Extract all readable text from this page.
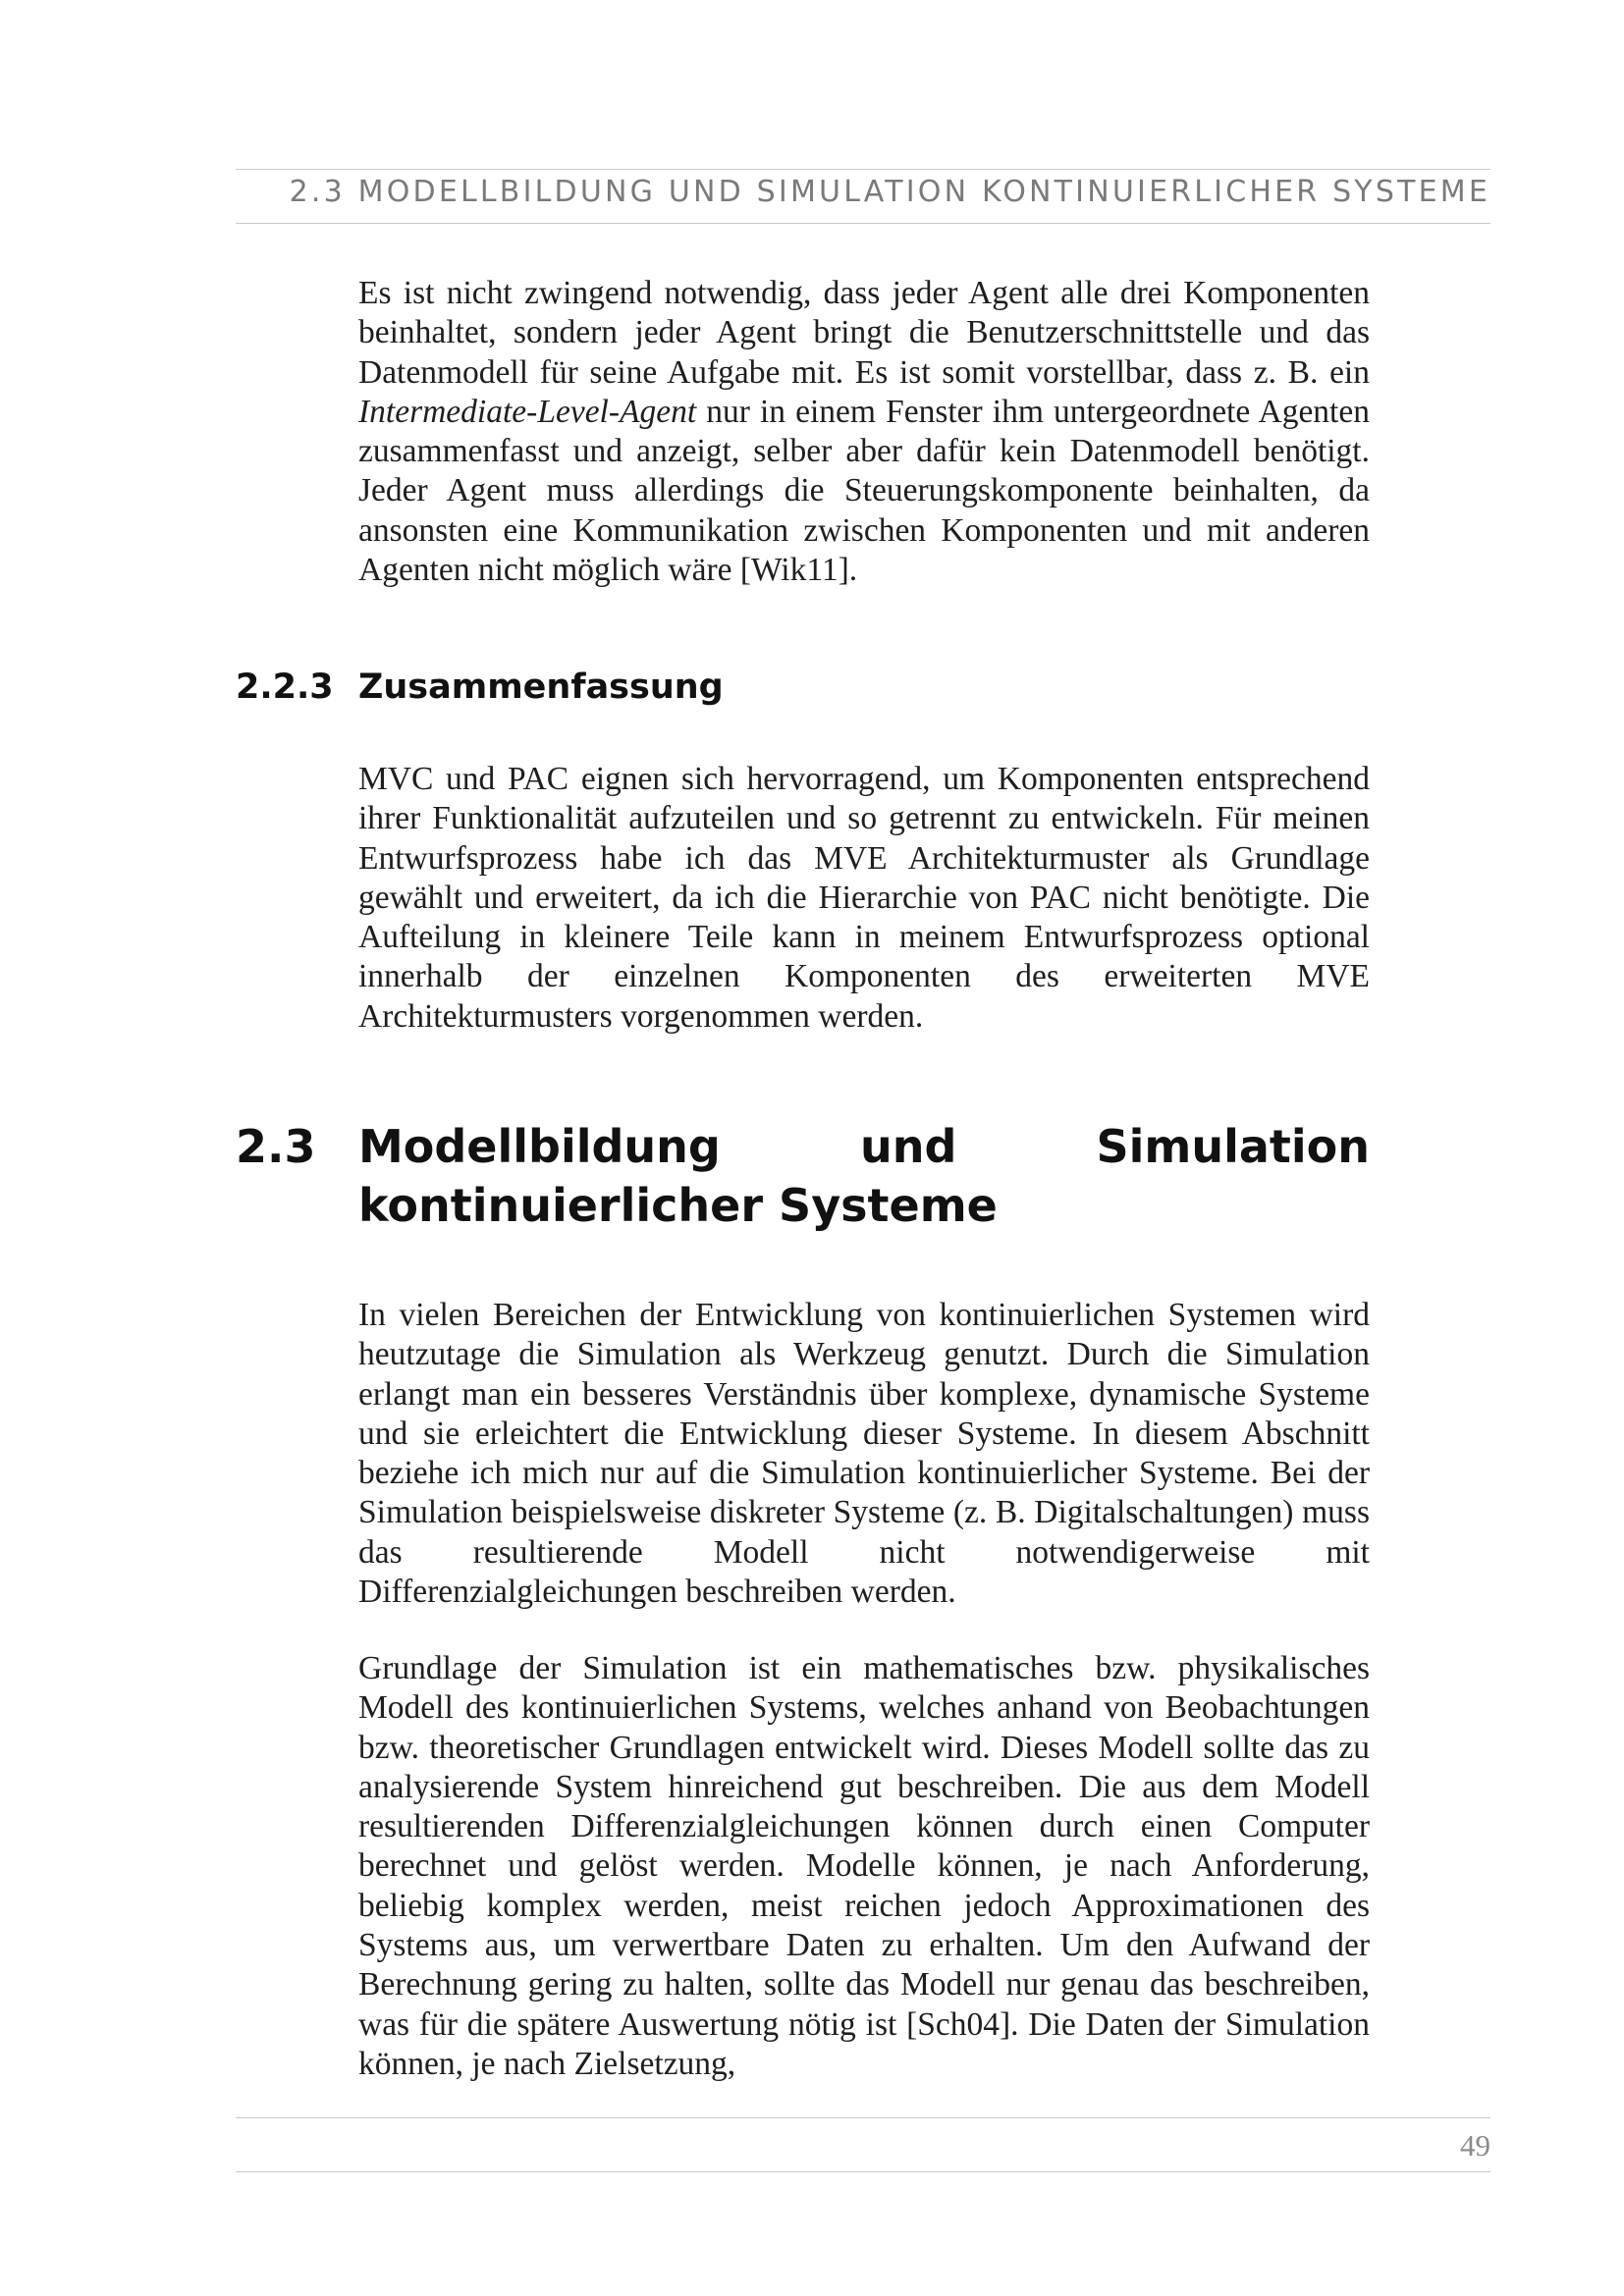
2.3 MODELLBILDUNG UND SIMULATION KONTINUIERLICHER SYSTEME

Es ist nicht zwingend notwendig, dass jeder Agent alle drei Komponenten beinhaltet, sondern jeder Agent bringt die Benutzerschnittstelle und das Datenmodell für seine Aufgabe mit. Es ist somit vorstellbar, dass z. B. ein Intermediate-Level-Agent nur in einem Fenster ihm untergeordnete Agenten zusammenfasst und anzeigt, selber aber dafür kein Datenmodell benötigt. Jeder Agent muss allerdings die Steuerungskomponente beinhalten, da ansonsten eine Kommunikation zwischen Komponenten und mit anderen Agenten nicht möglich wäre [Wik11].

2.2.3 Zusammenfassung

MVC und PAC eignen sich hervorragend, um Komponenten entsprechend ihrer Funktionalität aufzuteilen und so getrennt zu entwickeln. Für meinen Entwurfsprozess habe ich das MVE Architekturmuster als Grundlage gewählt und erweitert, da ich die Hierarchie von PAC nicht benötigte. Die Aufteilung in kleinere Teile kann in meinem Entwurfsprozess optional innerhalb der einzelnen Komponenten des erweiterten MVE Architekturmusters vorgenommen werden.

2.3 Modellbildung und Simulation kontinuierlicher Systeme

In vielen Bereichen der Entwicklung von kontinuierlichen Systemen wird heutzutage die Simulation als Werkzeug genutzt. Durch die Simulation erlangt man ein besseres Verständnis über komplexe, dynamische Systeme und sie erleichtert die Entwicklung dieser Systeme. In diesem Abschnitt beziehe ich mich nur auf die Simulation kontinuierlicher Systeme. Bei der Simulation beispielsweise diskreter Systeme (z. B. Digitalschaltungen) muss das resultierende Modell nicht notwendigerweise mit Differenzialgleichungen beschreiben werden.

Grundlage der Simulation ist ein mathematisches bzw. physikalisches Modell des kontinuierlichen Systems, welches anhand von Beobachtungen bzw. theoretischer Grundlagen entwickelt wird. Dieses Modell sollte das zu analysierende System hinreichend gut beschreiben. Die aus dem Modell resultierenden Differenzialgleichungen können durch einen Computer berechnet und gelöst werden. Modelle können, je nach Anforderung, beliebig komplex werden, meist reichen jedoch Approximationen des Systems aus, um verwertbare Daten zu erhalten. Um den Aufwand der Berechnung gering zu halten, sollte das Modell nur genau das beschreiben, was für die spätere Auswertung nötig ist [Sch04]. Die Daten der Simulation können, je nach Zielsetzung,

49
